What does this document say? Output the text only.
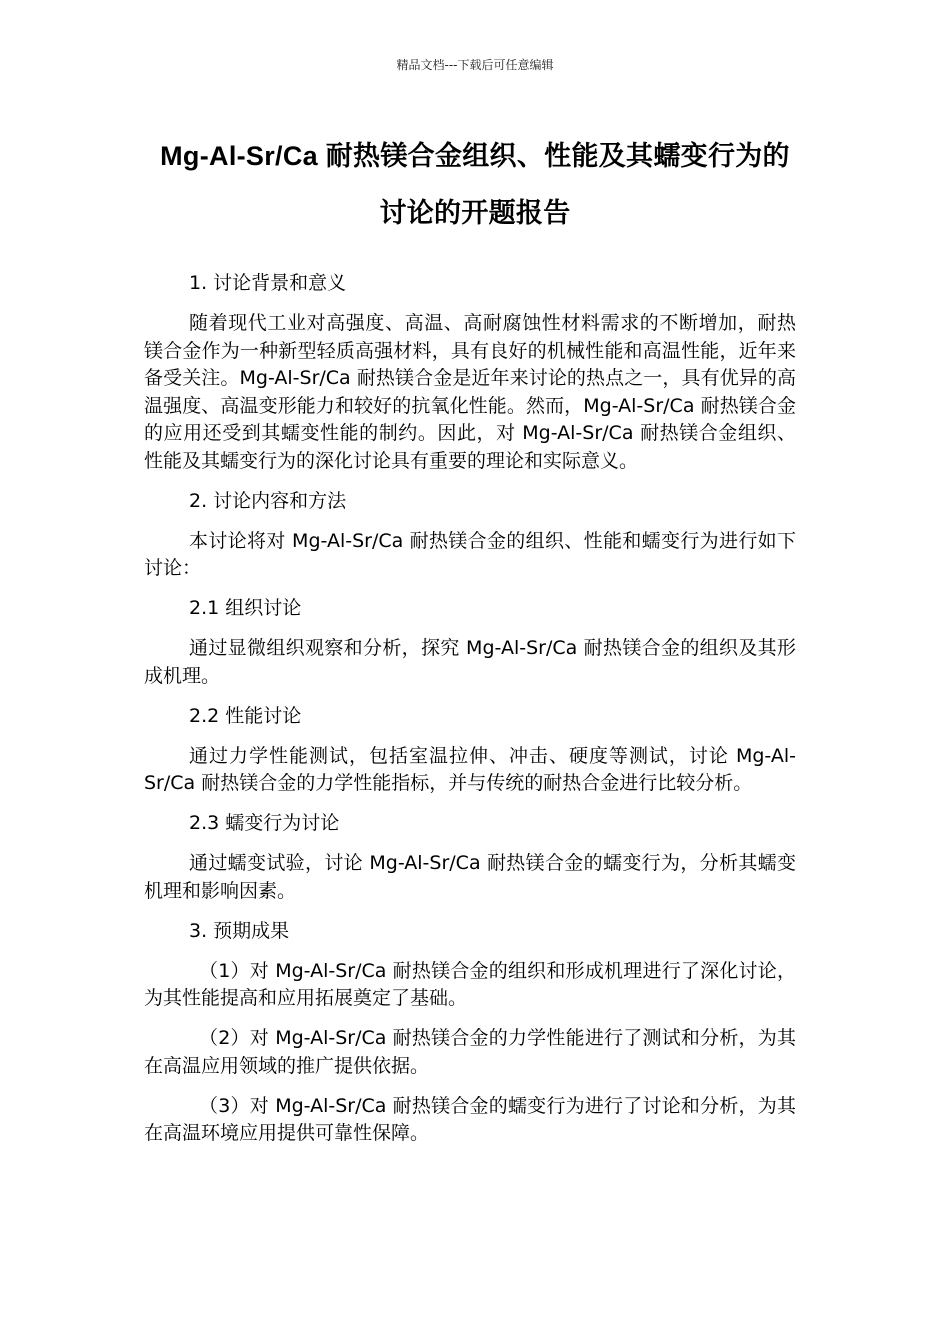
精品文档---下载后可任意编辑
Mg-Al-Sr/Ca 耐热镁合金组织、性能及其蠕变行为的
讨论的开题报告

1. 讨论背景和意义

随着现代工业对高强度、高温、高耐腐蚀性材料需求的不断增加，耐热镁合金作为一种新型轻质高强材料，具有良好的机械性能和高温性能，近年来备受关注。Mg-Al-Sr/Ca 耐热镁合金是近年来讨论的热点之一，具有优异的高温强度、高温变形能力和较好的抗氧化性能。然而，Mg-Al-Sr/Ca 耐热镁合金的应用还受到其蠕变性能的制约。因此，对 Mg-Al-Sr/Ca 耐热镁合金组织、性能及其蠕变行为的深化讨论具有重要的理论和实际意义。

2. 讨论内容和方法

本讨论将对 Mg-Al-Sr/Ca 耐热镁合金的组织、性能和蠕变行为进行如下讨论：

2.1 组织讨论

通过显微组织观察和分析，探究 Mg-Al-Sr/Ca 耐热镁合金的组织及其形成机理。

2.2 性能讨论

通过力学性能测试，包括室温拉伸、冲击、硬度等测试，讨论 Mg-Al-Sr/Ca 耐热镁合金的力学性能指标，并与传统的耐热合金进行比较分析。

2.3 蠕变行为讨论

通过蠕变试验，讨论 Mg-Al-Sr/Ca 耐热镁合金的蠕变行为，分析其蠕变机理和影响因素。

3. 预期成果

（1）对 Mg-Al-Sr/Ca 耐热镁合金的组织和形成机理进行了深化讨论，为其性能提高和应用拓展奠定了基础。

（2）对 Mg-Al-Sr/Ca 耐热镁合金的力学性能进行了测试和分析，为其在高温应用领域的推广提供依据。

（3）对 Mg-Al-Sr/Ca 耐热镁合金的蠕变行为进行了讨论和分析，为其在高温环境应用提供可靠性保障。
